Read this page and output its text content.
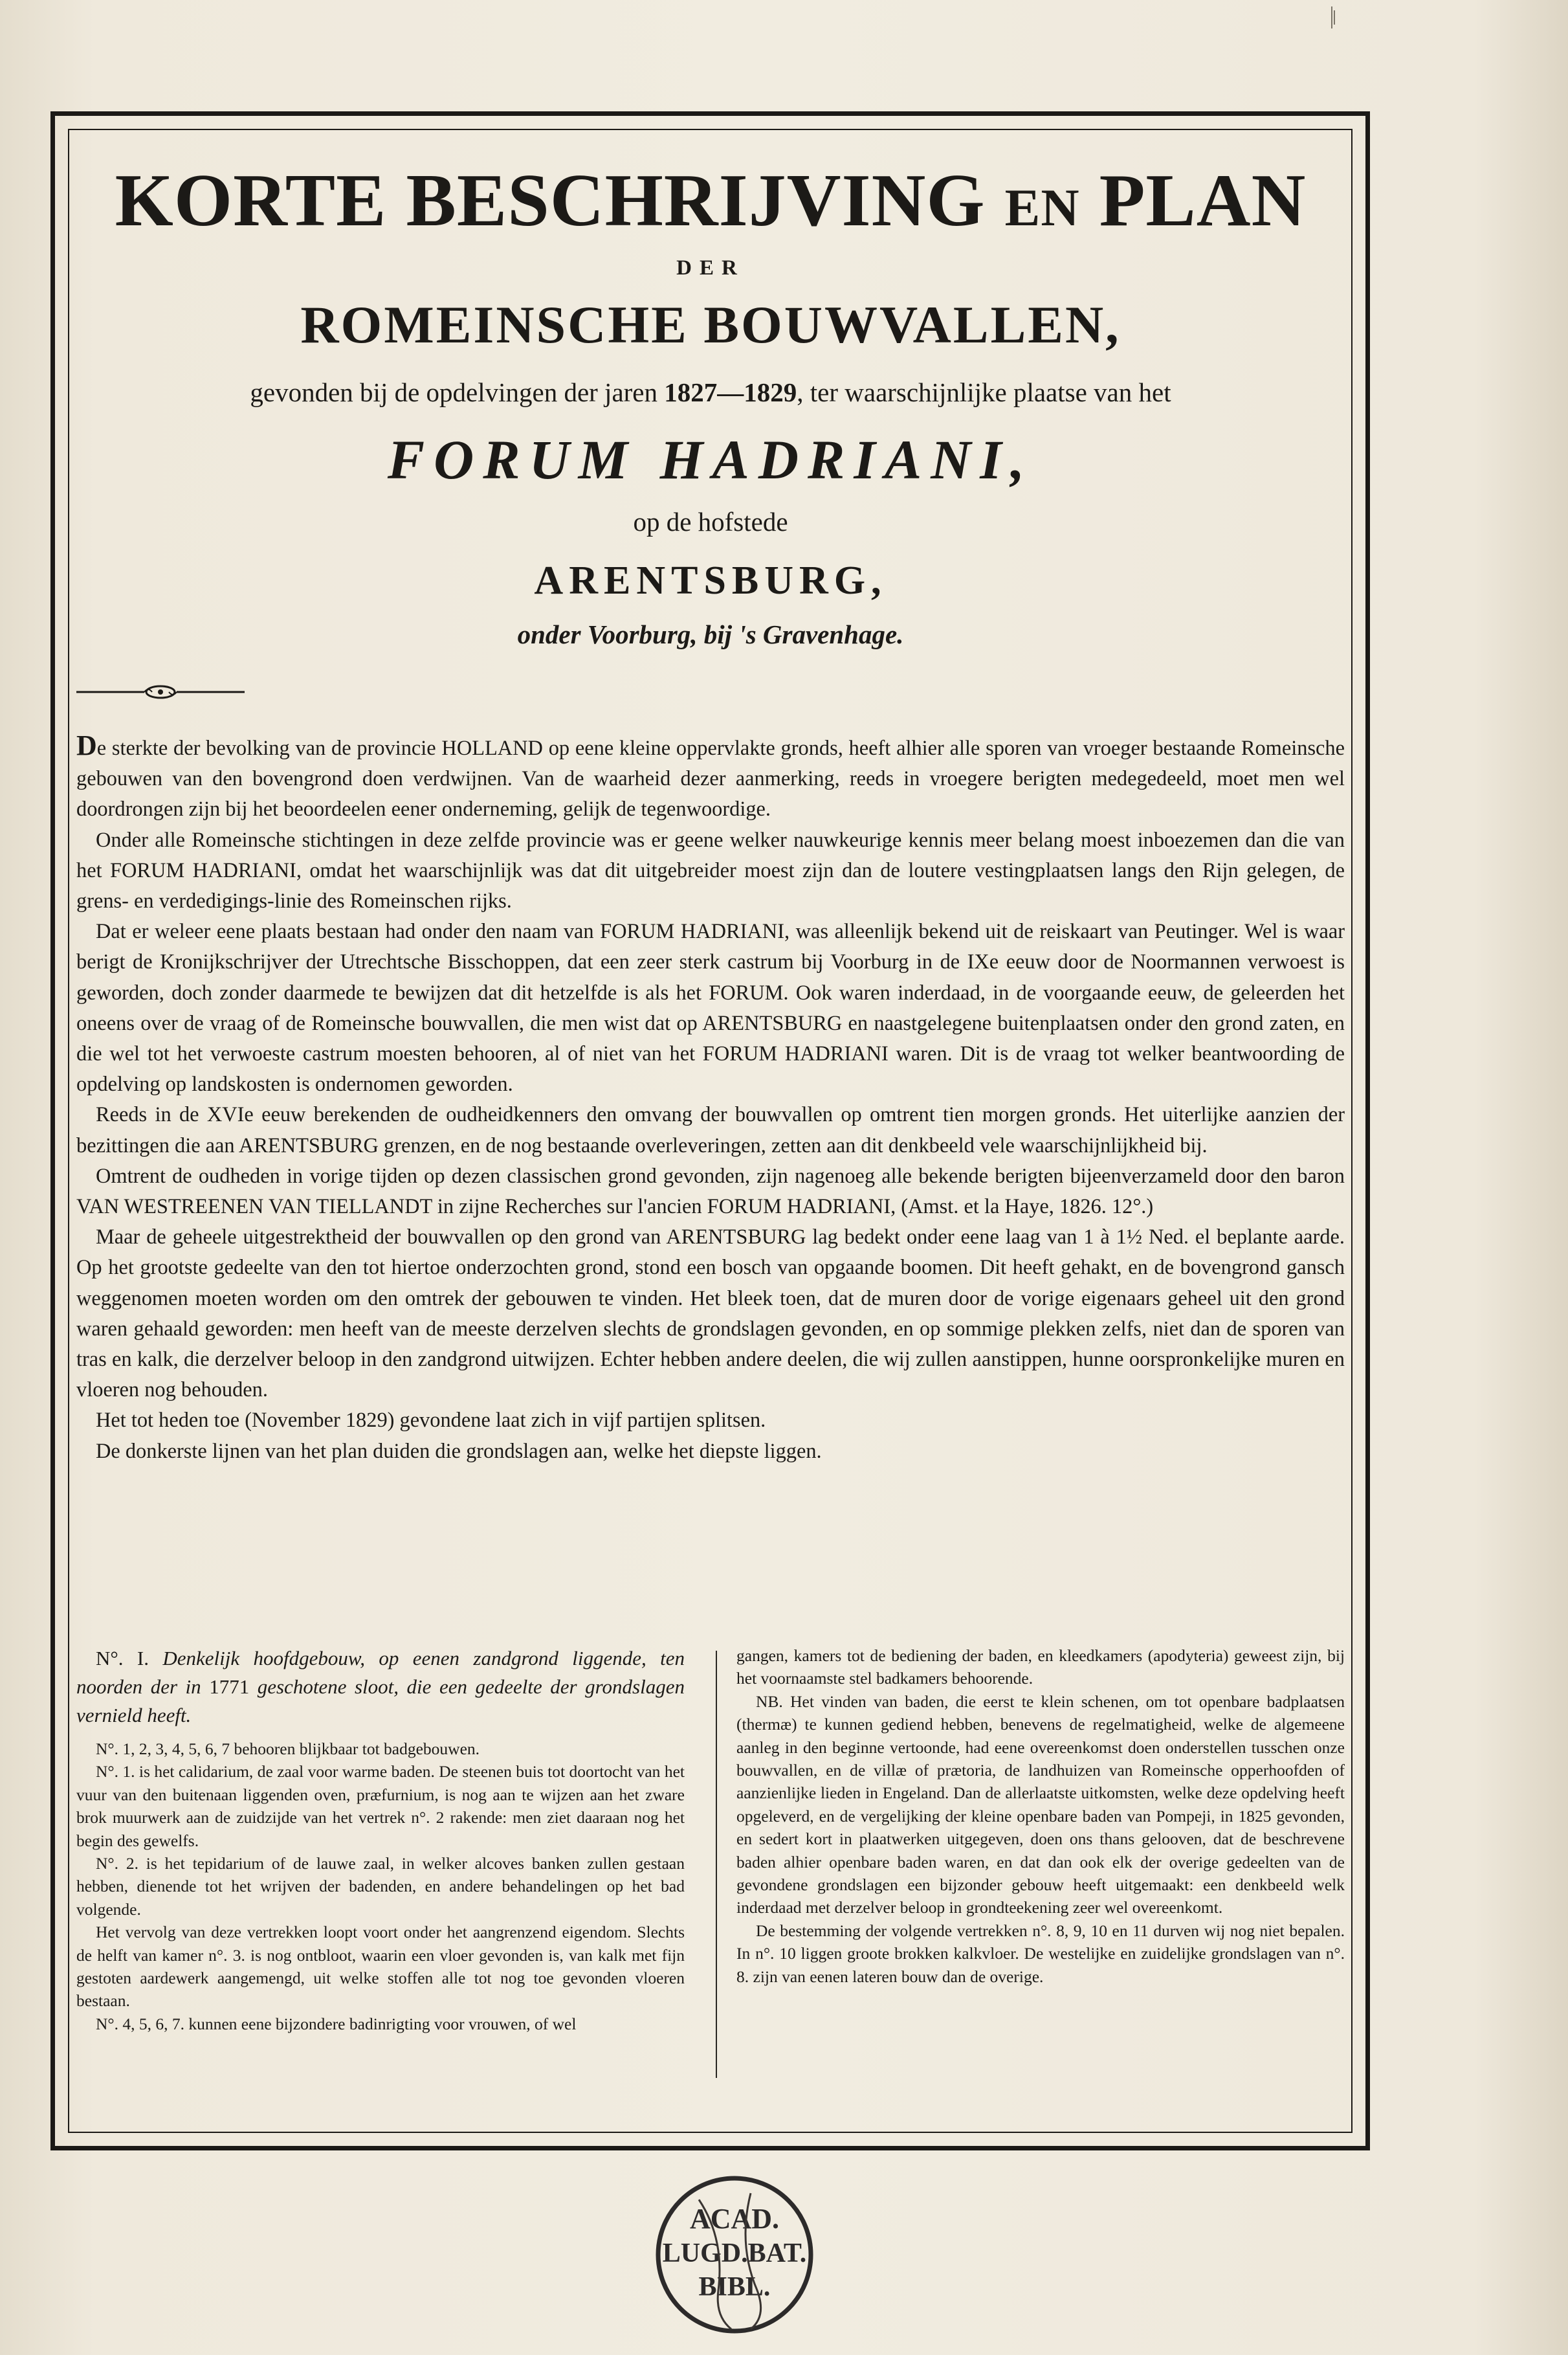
KORTE BESCHRIJVING EN PLAN
DER
ROMEINSCHE BOUWVALLEN,
gevonden bij de opdelvingen der jaren 1827—1829, ter waarschijnlijke plaatse van het
FORUM HADRIANI,
op de hofstede
ARENTSBURG,
onder Voorburg, bij 's Gravenhage.

De sterkte der bevolking van de provincie HOLLAND op eene kleine oppervlakte gronds, heeft alhier alle sporen van vroeger bestaande Romeinsche gebouwen van den bovengrond doen verdwijnen. Van de waarheid dezer aanmerking, reeds in vroegere berigten medegedeeld, moet men wel doordrongen zijn bij het beoordeelen eener onderneming, gelijk de tegenwoordige.

Onder alle Romeinsche stichtingen in deze zelfde provincie was er geene welker nauwkeurige kennis meer belang moest inboezemen dan die van het FORUM HADRIANI, omdat het waarschijnlijk was dat dit uitgebreider moest zijn dan de loutere vestingplaatsen langs den Rijn gelegen, de grens- en verdedigings-linie des Romeinschen rijks.

Dat er weleer eene plaats bestaan had onder den naam van FORUM HADRIANI, was alleenlijk bekend uit de reiskaart van Peutinger. Wel is waar berigt de Kronijkschrijver der Utrechtsche Bisschoppen, dat een zeer sterk castrum bij Voorburg in de IXe eeuw door de Noormannen verwoest is geworden, doch zonder daarmede te bewijzen dat dit hetzelfde is als het FORUM. Ook waren inderdaad, in de voorgaande eeuw, de geleerden het oneens over de vraag of de Romeinsche bouwvallen, die men wist dat op ARENTSBURG en naastgelegene buitenplaatsen onder den grond zaten, en die wel tot het verwoeste castrum moesten behooren, al of niet van het FORUM HADRIANI waren. Dit is de vraag tot welker beantwoording de opdelving op landskosten is ondernomen geworden.

Reeds in de XVIe eeuw berekenden de oudheidkenners den omvang der bouwvallen op omtrent tien morgen gronds. Het uiterlijke aanzien der bezittingen die aan ARENTSBURG grenzen, en de nog bestaande overleveringen, zetten aan dit denkbeeld vele waarschijnlijkheid bij.

Omtrent de oudheden in vorige tijden op dezen classischen grond gevonden, zijn nagenoeg alle bekende berigten bijeenverzameld door den baron VAN WESTREENEN VAN TIELLANDT in zijne Recherches sur l'ancien FORUM HADRIANI, (Amst. et la Haye, 1826. 12°.)

Maar de geheele uitgestrektheid der bouwvallen op den grond van ARENTSBURG lag bedekt onder eene laag van 1 à 1½ Ned. el beplante aarde. Op het grootste gedeelte van den tot hiertoe onderzochten grond, stond een bosch van opgaande boomen. Dit heeft gehakt, en de bovengrond gansch weggenomen moeten worden om den omtrek der gebouwen te vinden. Het bleek toen, dat de muren door de vorige eigenaars geheel uit den grond waren gehaald geworden: men heeft van de meeste derzelven slechts de grondslagen gevonden, en op sommige plekken zelfs, niet dan de sporen van tras en kalk, die derzelver beloop in den zandgrond uitwijzen. Echter hebben andere deelen, die wij zullen aanstippen, hunne oorspronkelijke muren en vloeren nog behouden.

Het tot heden toe (November 1829) gevondene laat zich in vijf partijen splitsen.

De donkerste lijnen van het plan duiden die grondslagen aan, welke het diepste liggen.

N°. I. Denkelijk hoofdgebouw, op eenen zandgrond liggende, ten noorden der in 1771 geschotene sloot, die een gedeelte der grondslagen vernield heeft.

N°. 1, 2, 3, 4, 5, 6, 7 behooren blijkbaar tot badgebouwen.

N°. 1. is het calidarium, de zaal voor warme baden. De steenen buis tot doortocht van het vuur van den buitenaan liggenden oven, præfurnium, is nog aan te wijzen aan het zware brok muurwerk aan de zuidzijde van het vertrek n°. 2 rakende: men ziet daaraan nog het begin des gewelfs.

N°. 2. is het tepidarium of de lauwe zaal, in welker alcoves banken zullen gestaan hebben, dienende tot het wrijven der badenden, en andere behandelingen op het bad volgende.

Het vervolg van deze vertrekken loopt voort onder het aangrenzend eigendom. Slechts de helft van kamer n°. 3. is nog ontbloot, waarin een vloer gevonden is, van kalk met fijn gestoten aardewerk aangemengd, uit welke stoffen alle tot nog toe gevonden vloeren bestaan.

N°. 4, 5, 6, 7. kunnen eene bijzondere badinrigting voor vrouwen, of wel

gangen, kamers tot de bediening der baden, en kleedkamers (apodyteria) geweest zijn, bij het voornaamste stel badkamers behoorende.

NB. Het vinden van baden, die eerst te klein schenen, om tot openbare badplaatsen (thermæ) te kunnen gediend hebben, benevens de regelmatigheid, welke de algemeene aanleg in den beginne vertoonde, had eene overeenkomst doen onderstellen tusschen onze bouwvallen, en de villæ of prætoria, de landhuizen van Romeinsche opperhoofden of aanzienlijke lieden in Engeland. Dan de allerlaatste uitkomsten, welke deze opdelving heeft opgeleverd, en de vergelijking der kleine openbare baden van Pompeji, in 1825 gevonden, en sedert kort in plaatwerken uitgegeven, doen ons thans gelooven, dat de beschrevene baden alhier openbare baden waren, en dat dan ook elk der overige gedeelten van de gevondene grondslagen een bijzonder gebouw heeft uitgemaakt: een denkbeeld welk inderdaad met derzelver beloop in grondteekening zeer wel overeenkomt.

De bestemming der volgende vertrekken n°. 8, 9, 10 en 11 durven wij nog niet bepalen. In n°. 10 liggen groote brokken kalkvloer. De westelijke en zuidelijke grondslagen van n°. 8. zijn van eenen lateren bouw dan de overige.

ACAD.
LUGD.BAT.
BIBL.
